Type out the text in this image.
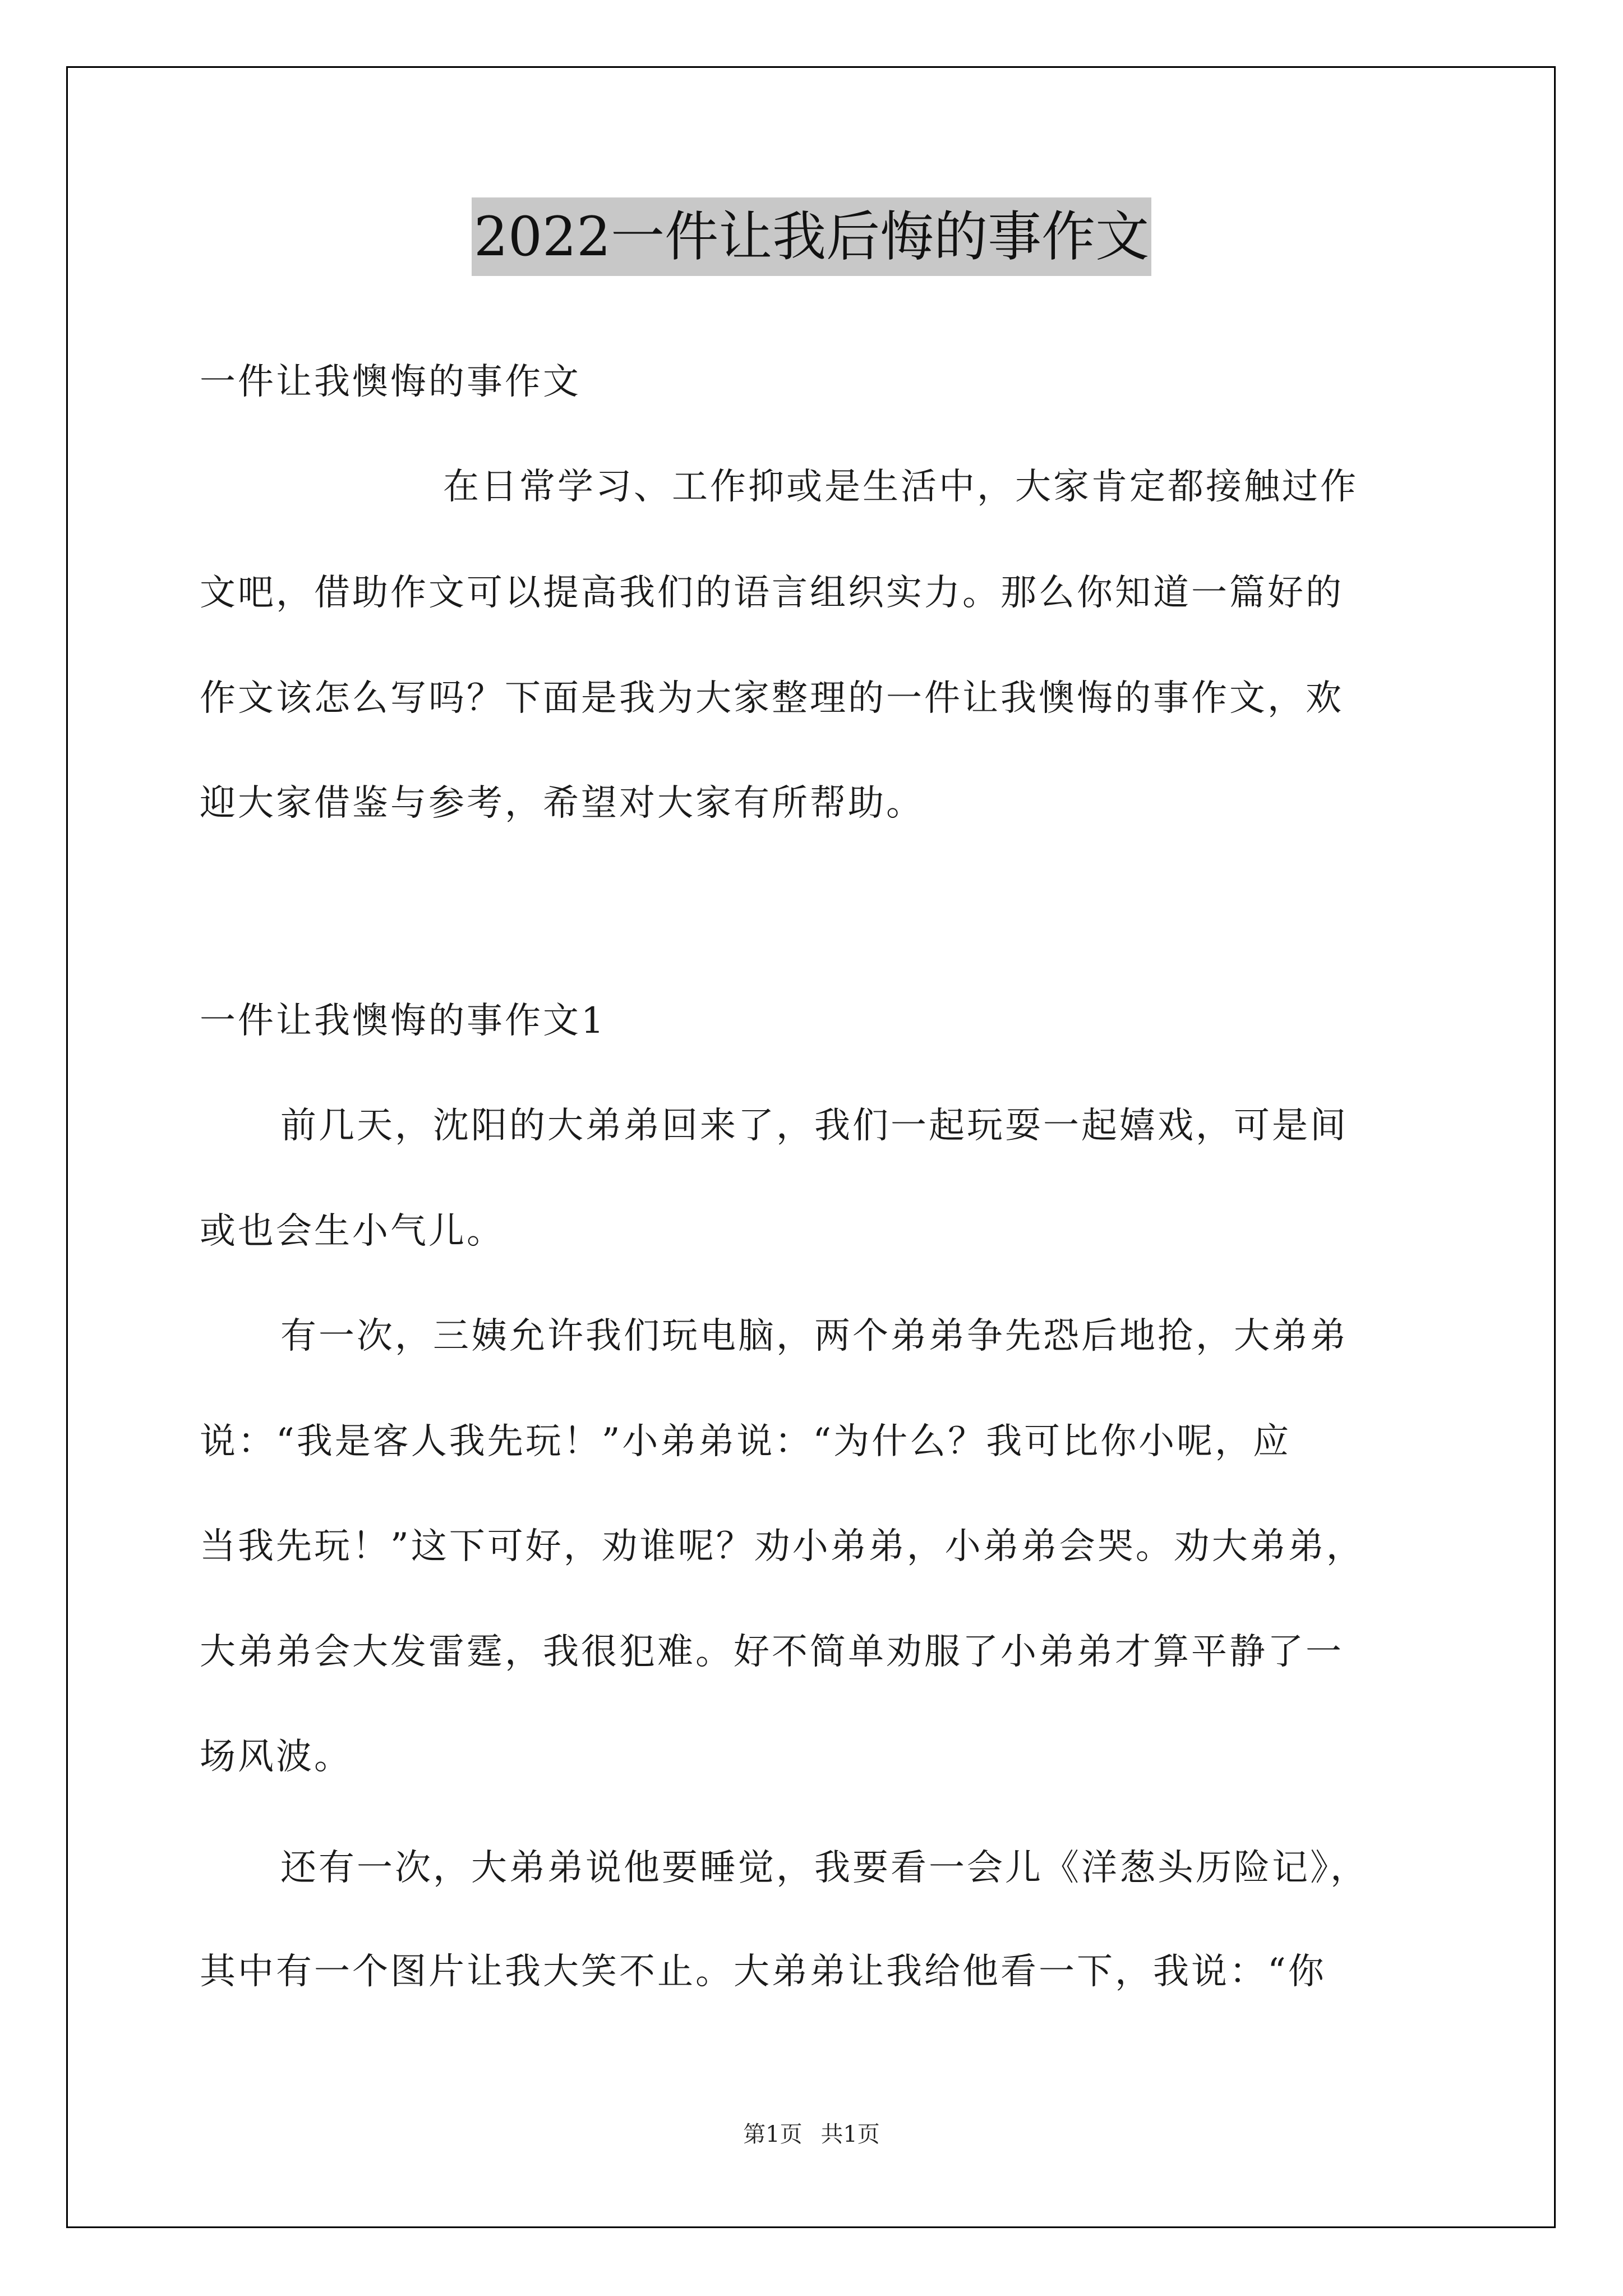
2022一件让我后悔的事作文
一件让我懊悔的事作文
在日常学习、工作抑或是生活中，大家肯定都接触过作
文吧，借助作文可以提高我们的语言组织实力。那么你知道一篇好的
作文该怎么写吗？下面是我为大家整理的一件让我懊悔的事作文，欢
迎大家借鉴与参考，希望对大家有所帮助。
一件让我懊悔的事作文1
前几天，沈阳的大弟弟回来了，我们一起玩耍一起嬉戏，可是间
或也会生小气儿。
有一次，三姨允许我们玩电脑，两个弟弟争先恐后地抢，大弟弟
说：“我是客人我先玩！”小弟弟说：“为什么？我可比你小呢，应
当我先玩！”这下可好，劝谁呢？劝小弟弟，小弟弟会哭。劝大弟弟，
大弟弟会大发雷霆，我很犯难。好不简单劝服了小弟弟才算平静了一
场风波。
还有一次，大弟弟说他要睡觉，我要看一会儿《洋葱头历险记》，
其中有一个图片让我大笑不止。大弟弟让我给他看一下，我说：“你
第1页 共1页
